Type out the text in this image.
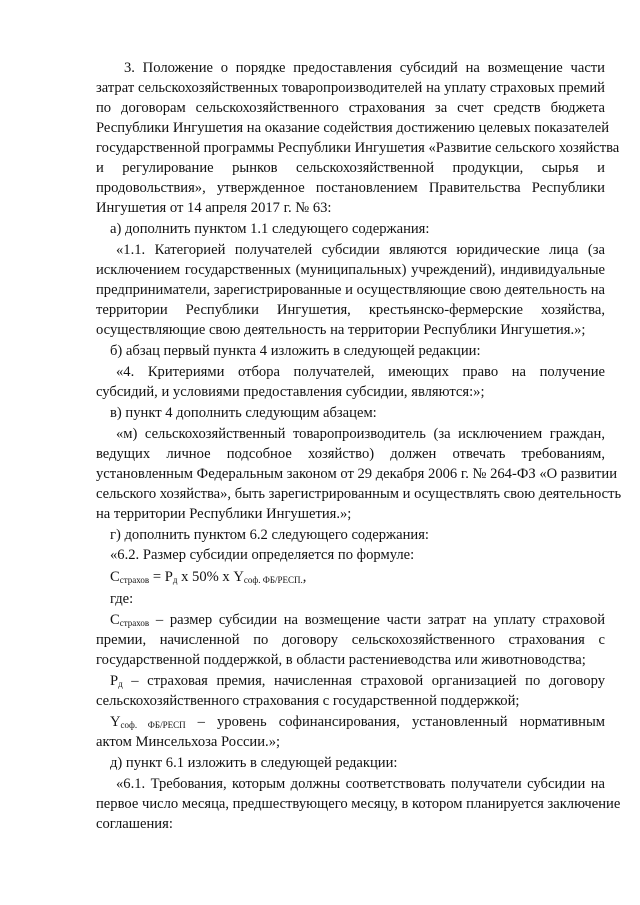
3. Положение о порядке предоставления субсидий на возмещение части
затрат сельскохозяйственных товаропроизводителей на уплату страховых премий
по договорам сельскохозяйственного страхования за счет средств бюджета
Республики Ингушетия на оказание содействия достижению целевых показателей
государственной программы Республики Ингушетия «Развитие сельского хозяйства
и регулирование рынков сельскохозяйственной продукции, сырья и
продовольствия», утвержденное постановлением Правительства Республики
Ингушетия от 14 апреля 2017 г. № 63:
а) дополнить пунктом 1.1 следующего содержания:
«1.1. Категорией получателей субсидии являются юридические лица (за
исключением государственных (муниципальных) учреждений), индивидуальные
предприниматели, зарегистрированные и осуществляющие свою деятельность на
территории Республики Ингушетия, крестьянско-фермерские хозяйства,
осуществляющие свою деятельность на территории Республики Ингушетия.»;
б) абзац первый пункта 4 изложить в следующей редакции:
«4. Критериями отбора получателей, имеющих право на получение
субсидий, и условиями предоставления субсидии, являются:»;
в) пункт 4 дополнить следующим абзацем:
«м) сельскохозяйственный товаропроизводитель (за исключением граждан,
ведущих личное подсобное хозяйство) должен отвечать требованиям,
установленным Федеральным законом от 29 декабря 2006 г. № 264-ФЗ «О развитии
сельского хозяйства», быть зарегистрированным и осуществлять свою деятельность
на территории Республики Ингушетия.»;
г) дополнить пунктом 6.2 следующего содержания:
«6.2. Размер субсидии определяется по формуле:
$С_{страхов} = Р_д$ х 50% х $Y_{соф. ФБ/РЕСП.}$,
где:
$С_{страхов}$ – размер субсидии на возмещение части затрат на уплату страховой
премии, начисленной по договору сельскохозяйственного страхования с
государственной поддержкой, в области растениеводства или животноводства;
$Р_д$ – страховая премия, начисленная страховой организацией по договору
сельскохозяйственного страхования с государственной поддержкой;
$Y_{соф. ФБ/РЕСП}$ – уровень софинансирования, установленный нормативным
актом Минсельхоза России.»;
д) пункт 6.1 изложить в следующей редакции:
«6.1. Требования, которым должны соответствовать получатели субсидии на
первое число месяца, предшествующего месяцу, в котором планируется заключение
соглашения:
